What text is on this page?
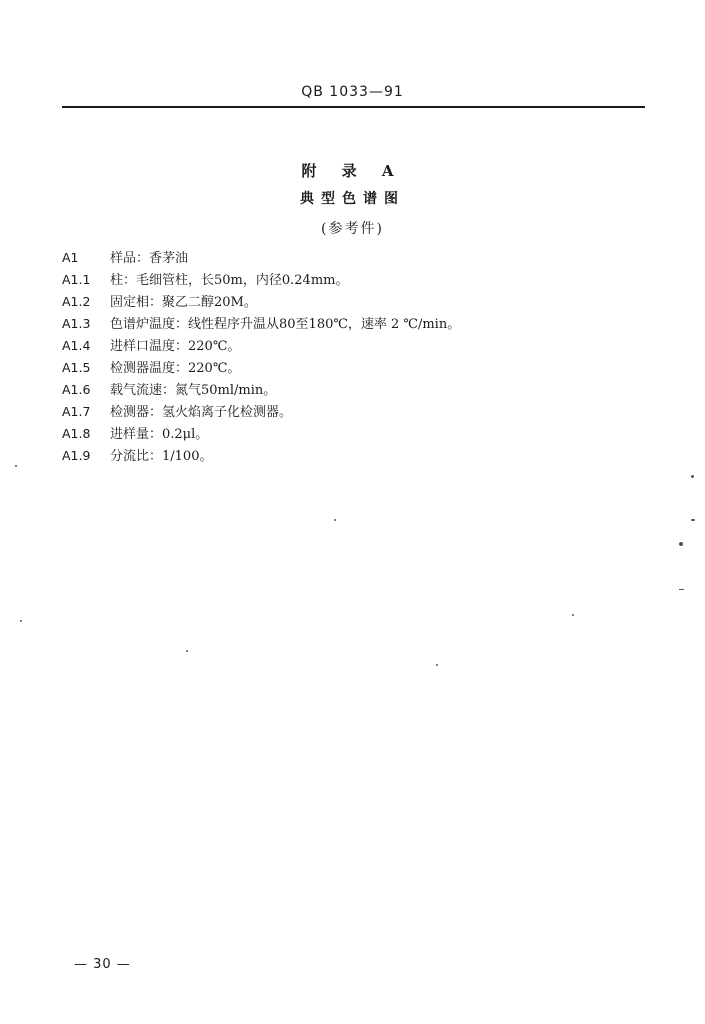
QB 1033—91
附 录 A
典型色谱图
(参考件)
A1 样品：香茅油
A1.1 柱：毛细管柱，长50m，内径0.24mm。
A1.2 固定相：聚乙二醇20M。
A1.3 色谱炉温度：线性程序升温从80至180℃，速率 2 ℃/min。
A1.4 进样口温度：220℃。
A1.5 检测器温度：220℃。
A1.6 载气流速：氮气50ml/min。
A1.7 检测器：氢火焰离子化检测器。
A1.8 进样量：0.2μl。
A1.9 分流比：1/100。
— 30 —
